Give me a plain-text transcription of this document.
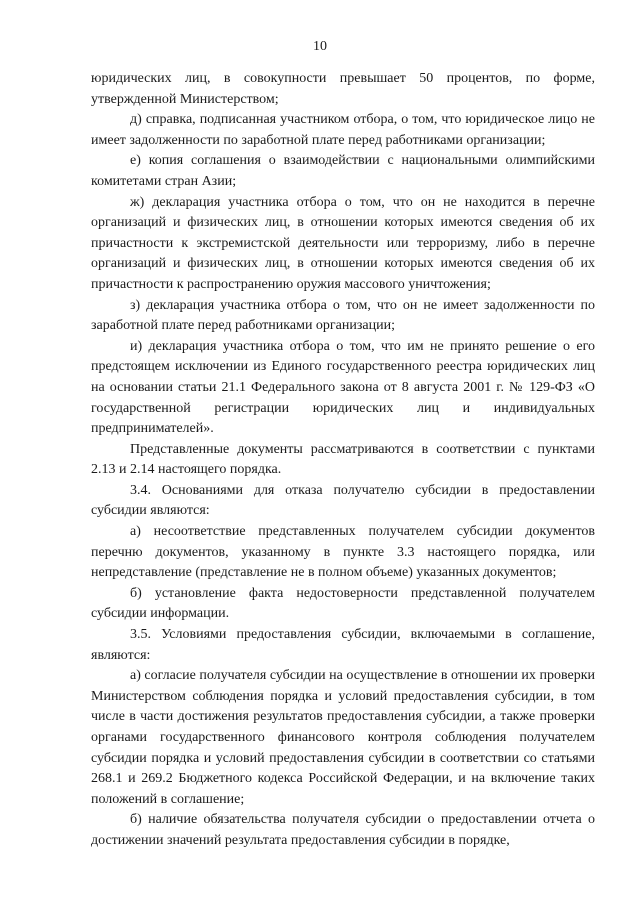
10

юридических лиц, в совокупности превышает 50 процентов, по форме, утвержденной Министерством;

д) справка, подписанная участником отбора, о том, что юридическое лицо не имеет задолженности по заработной плате перед работниками организации;

е) копия соглашения о взаимодействии с национальными олимпийскими комитетами стран Азии;

ж) декларация участника отбора о том, что он не находится в перечне организаций и физических лиц, в отношении которых имеются сведения об их причастности к экстремистской деятельности или терроризму, либо в перечне организаций и физических лиц, в отношении которых имеются сведения об их причастности к распространению оружия массового уничтожения;

з) декларация участника отбора о том, что он не имеет задолженности по заработной плате перед работниками организации;

и) декларация участника отбора о том, что им не принято решение о его предстоящем исключении из Единого государственного реестра юридических лиц на основании статьи 21.1 Федерального закона от 8 августа 2001 г. № 129-ФЗ «О государственной регистрации юридических лиц и индивидуальных предпринимателей».

Представленные документы рассматриваются в соответствии с пунктами 2.13 и 2.14 настоящего порядка.

3.4. Основаниями для отказа получателю субсидии в предоставлении субсидии являются:

а) несоответствие представленных получателем субсидии документов перечню документов, указанному в пункте 3.3 настоящего порядка, или непредставление (представление не в полном объеме) указанных документов;

б) установление факта недостоверности представленной получателем субсидии информации.

3.5. Условиями предоставления субсидии, включаемыми в соглашение, являются:

а) согласие получателя субсидии на осуществление в отношении их проверки Министерством соблюдения порядка и условий предоставления субсидии, в том числе в части достижения результатов предоставления субсидии, а также проверки органами государственного финансового контроля соблюдения получателем субсидии порядка и условий предоставления субсидии в соответствии со статьями 268.1 и 269.2 Бюджетного кодекса Российской Федерации, и на включение таких положений в соглашение;

б) наличие обязательства получателя субсидии о предоставлении отчета о достижении значений результата предоставления субсидии в порядке,
